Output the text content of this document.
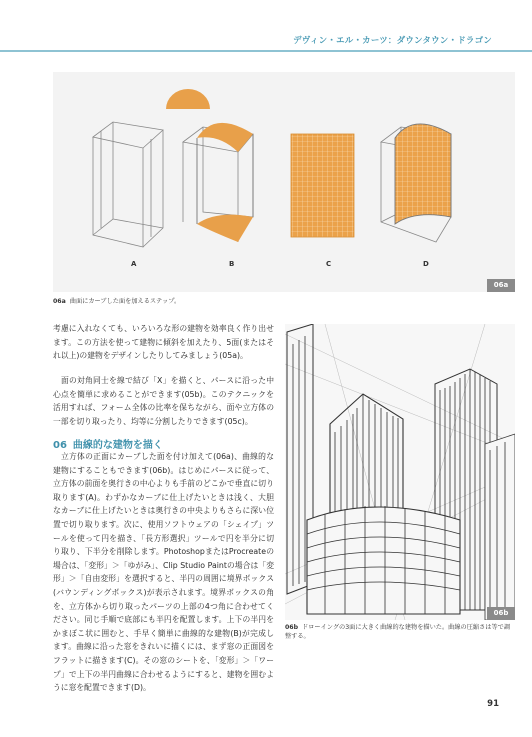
デヴィン・エル・カーツ：ダウンタウン・ドラゴン
A	B	C	D
06a
06a 曲面にカーブした面を加えるステップ。

考慮に入れなくても、いろいろな形の建物を効率良く作り出せます。この方法を使って建物に傾斜を加えたり、5面(またはそれ以上)の建物をデザインしたりしてみましょう(05a)。

面の対角同士を線で結び「X」を描くと、パースに沿った中心点を簡単に求めることができます(05b)。このテクニックを活用すれば、フォーム全体の比率を保ちながら、面や立方体の一部を切り取ったり、均等に分割したりできます(05c)。

06 曲線的な建物を描く

立方体の正面にカーブした面を付け加えて(06a)、曲線的な建物にすることもできます(06b)。はじめにパースに従って、立方体の前面を奥行きの中心よりも手前のどこかで垂直に切り取ります(A)。わずかなカーブに仕上げたいときは浅く、大胆なカーブに仕上げたいときは奥行きの中央よりもさらに深い位置で切り取ります。次に、使用ソフトウェアの「シェイプ」ツールを使って円を描き、「長方形選択」ツールで円を半分に切り取り、下半分を削除します。PhotoshopまたはProcreateの場合は、「変形」＞「ゆがみ」、Clip Studio Paintの場合は「変形」＞「自由変形」を選択すると、半円の周囲に境界ボックス(バウンディングボックス)が表示されます。境界ボックスの角を、立方体から切り取ったパーツの上部の4つ角に合わせてください。同じ手順で底部にも半円を配置します。上下の半円をかまぼこ状に囲むと、手早く簡単に曲線的な建物(B)が完成します。曲線に沿った窓をきれいに描くには、まず窓の正面図をフラットに描きます(C)。その窓のシートを、「変形」＞「ワープ」で上下の半円曲線に合わせるようにすると、建物を囲むように窓を配置できます(D)。

06b
06b ドローイングの3面に大きく曲線的な建物を描いた。曲線の圧縮さは等で調整する。
91
